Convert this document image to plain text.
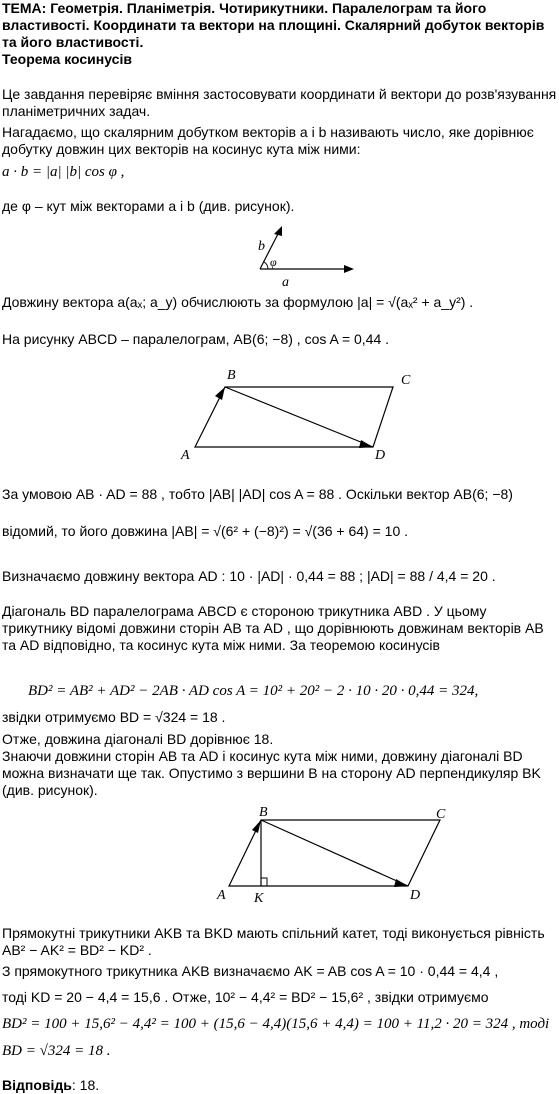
ТЕМА: Геометрія. Планіметрія. Чотирикутники. Паралелограм та його властивості. Координати та вектори на площині. Скалярний добуток векторів та його властивості.
Теорема косинусів
Це завдання перевіряє вміння застосовувати координати й вектори до розв'язування планіметричних задач.
Нагадаємо, що скалярним добутком векторів a і b називають число, яке дорівнює добутку довжин цих векторів на косинус кута між ними:
a · b = |a| |b| cos φ ,
де φ – кут між векторами a і b (див. рисунок).
b
φ
a
Довжину вектора a(aₓ; a_y) обчислюють за формулою |a| = √(aₓ² + a_y²) .
На рисунку ABCD – паралелограм, AB(6; −8) , cos A = 0,44 .
A
B	C
D
За умовою AB · AD = 88 , тобто |AB| |AD| cos A = 88 . Оскільки вектор AB(6; −8)
відомий, то його довжина |AB| = √(6² + (−8)²) = √(36 + 64) = 10 .
Визначаємо довжину вектора AD : 10 · |AD| · 0,44 = 88 ; |AD| = 88 / 4,4 = 20 .
Діагональ BD паралелограма ABCD є стороною трикутника ABD . У цьому трикутнику відомі довжини сторін AB та AD , що дорівнюють довжинам векторів AB та AD відповідно, та косинус кута між ними. За теоремою косинусів
BD² = AB² + AD² − 2AB · AD cos A = 10² + 20² − 2 · 10 · 20 · 0,44 = 324,
звідки отримуємо BD = √324 = 18 .
Отже, довжина діагоналі BD дорівнює 18.
Знаючи довжини сторін AB та AD і косинус кута між ними, довжину діагоналі BD можна визначати ще так. Опустимо з вершини B на сторону AD перпендикуляр BK (див. рисунок).
A
B	C
D
K
Прямокутні трикутники AKB та BKD мають спільний катет, тоді виконується рівність AB² − AK² = BD² − KD² .
З прямокутного трикутника AKB визначаємо AK = AB cos A = 10 · 0,44 = 4,4 ,
тоді KD = 20 − 4,4 = 15,6 . Отже, 10² − 4,4² = BD² − 15,6² , звідки отримуємо
BD² = 100 + 15,6² − 4,4² = 100 + (15,6 − 4,4)(15,6 + 4,4) = 100 + 11,2 · 20 = 324 , тоді
BD = √324 = 18 .
Відповідь: 18.
